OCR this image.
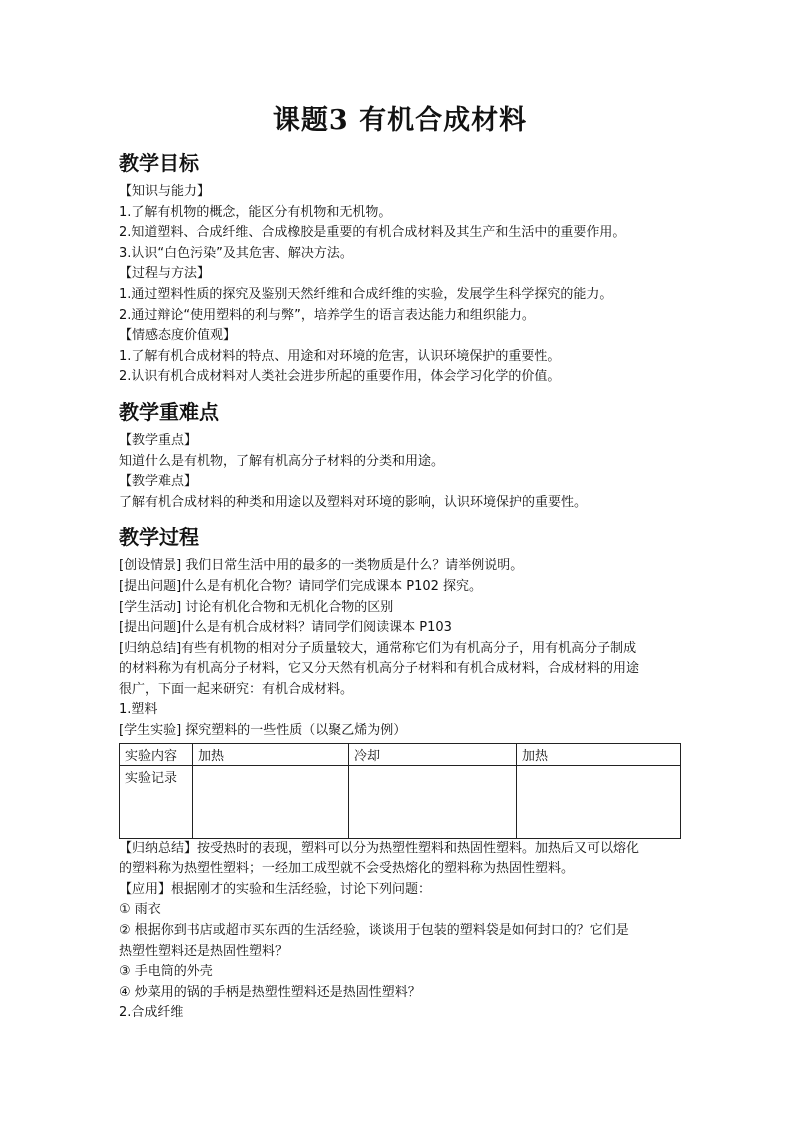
课题3 有机合成材料
教学目标
【知识与能力】
1.了解有机物的概念，能区分有机物和无机物。
2.知道塑料、合成纤维、合成橡胶是重要的有机合成材料及其生产和生活中的重要作用。
3.认识“白色污染”及其危害、解决方法。
【过程与方法】
1.通过塑料性质的探究及鉴别天然纤维和合成纤维的实验，发展学生科学探究的能力。
2.通过辩论“使用塑料的利与弊”，培养学生的语言表达能力和组织能力。
【情感态度价值观】
1.了解有机合成材料的特点、用途和对环境的危害，认识环境保护的重要性。
2.认识有机合成材料对人类社会进步所起的重要作用，体会学习化学的价值。
教学重难点
【教学重点】
知道什么是有机物，了解有机高分子材料的分类和用途。
【教学难点】
了解有机合成材料的种类和用途以及塑料对环境的影响，认识环境保护的重要性。
教学过程
[创设情景] 我们日常生活中用的最多的一类物质是什么？请举例说明。
[提出问题]什么是有机化合物？请同学们完成课本 P102 探究。
[学生活动] 讨论有机化合物和无机化合物的区别
[提出问题]什么是有机合成材料？请同学们阅读课本 P103
[归纳总结]有些有机物的相对分子质量较大，通常称它们为有机高分子，用有机高分子制成
的材料称为有机高分子材料，它又分天然有机高分子材料和有机合成材料，合成材料的用途
很广，下面一起来研究：有机合成材料。
1.塑料
[学生实验] 探究塑料的一些性质（以聚乙烯为例）
实验内容	加热	冷却	加热
实验记录			
【归纳总结】按受热时的表现，塑料可以分为热塑性塑料和热固性塑料。加热后又可以熔化
的塑料称为热塑性塑料；一经加工成型就不会受热熔化的塑料称为热固性塑料。
【应用】根据刚才的实验和生活经验，讨论下列问题：
① 雨衣
② 根据你到书店或超市买东西的生活经验，谈谈用于包装的塑料袋是如何封口的？它们是
热塑性塑料还是热固性塑料？
③ 手电筒的外壳
④ 炒菜用的锅的手柄是热塑性塑料还是热固性塑料？
2.合成纤维
